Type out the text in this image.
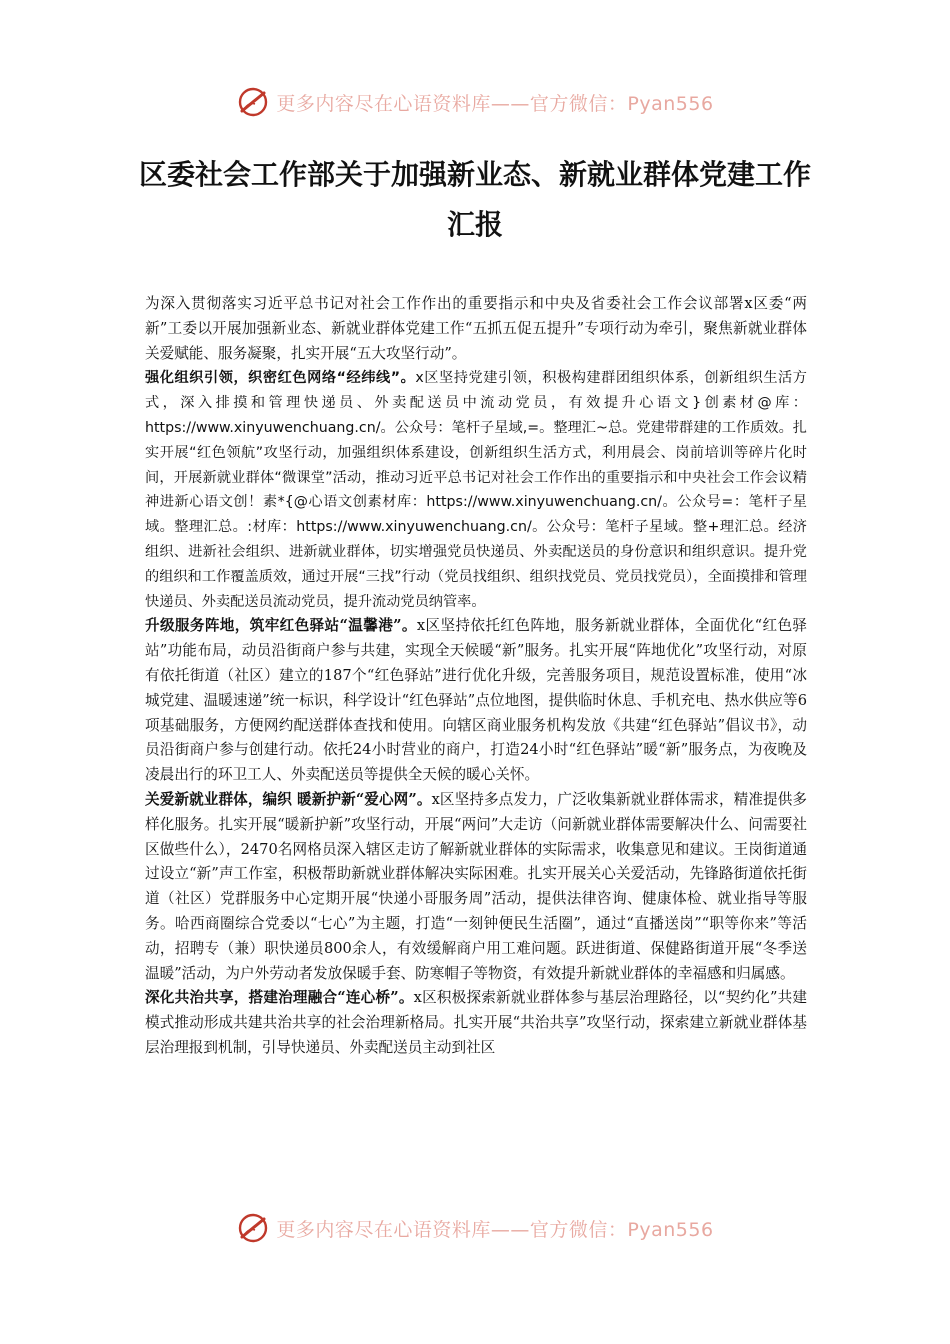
更多内容尽在心语资料库——官方微信：Pyan556
区委社会工作部关于加强新业态、新就业群体党建工作汇报

为深入贯彻落实习近平总书记对社会工作作出的重要指示和中央及省委社会工作会议部署x区委“两新”工委以开展加强新业态、新就业群体党建工作“五抓五促五提升”专项行动为牵引，聚焦新就业群体关爱赋能、服务凝聚，扎实开展“五大攻坚行动”。

强化组织引领，织密红色网络“经纬线”。x区坚持党建引领，积极构建群团组织体系，创新组织生活方式，深入排摸和管理快递员、外卖配送员中流动党员，有效提升心语文}创素材@库：https://www.xinyuwenchuang.cn/。公众号：笔杆子星域,=。整理汇~总。党建带群建的工作质效。扎实开展“红色领航”攻坚行动，加强组织体系建设，创新组织生活方式，利用晨会、岗前培训等碎片化时间，开展新就业群体“微课堂”活动，推动习近平总书记对社会工作作出的重要指示和中央社会工作会议精神进新心语文创！素*{@心语文创素材库：https://www.xinyuwenchuang.cn/。公众号=：笔杆子星域。整理汇总。:材库：https://www.xinyuwenchuang.cn/。公众号：笔杆子星域。整+理汇总。经济组织、进新社会组织、进新就业群体，切实增强党员快递员、外卖配送员的身份意识和组织意识。提升党的组织和工作覆盖质效，通过开展“三找”行动（党员找组织、组织找党员、党员找党员），全面摸排和管理快递员、外卖配送员流动党员，提升流动党员纳管率。

升级服务阵地，筑牢红色驿站“温馨港”。x区坚持依托红色阵地，服务新就业群体，全面优化“红色驿站”功能布局，动员沿街商户参与共建，实现全天候暖“新”服务。扎实开展“阵地优化”攻坚行动，对原有依托街道（社区）建立的187个“红色驿站”进行优化升级，完善服务项目，规范设置标准，使用“冰城党建、温暖速递”统一标识，科学设计“红色驿站”点位地图，提供临时休息、手机充电、热水供应等6项基础服务，方便网约配送群体查找和使用。向辖区商业服务机构发放《共建“红色驿站”倡议书》，动员沿街商户参与创建行动。依托24小时营业的商户，打造24小时“红色驿站”暖“新”服务点，为夜晚及凌晨出行的环卫工人、外卖配送员等提供全天候的暖心关怀。

关爱新就业群体，编织 暖新护新“爱心网”。x区坚持多点发力，广泛收集新就业群体需求，精准提供多样化服务。扎实开展“暖新护新”攻坚行动，开展“两问”大走访（问新就业群体需要解决什么、问需要社区做些什么），2470名网格员深入辖区走访了解新就业群体的实际需求，收集意见和建议。王岗街道通过设立“新”声工作室，积极帮助新就业群体解决实际困难。扎实开展关心关爱活动，先锋路街道依托街道（社区）党群服务中心定期开展“快递小哥服务周”活动，提供法律咨询、健康体检、就业指导等服务。哈西商圈综合党委以“七心”为主题，打造“一刻钟便民生活圈”，通过“直播送岗”“职等你来”等活动，招聘专（兼）职快递员800余人，有效缓解商户用工难问题。跃进街道、保健路街道开展“冬季送温暖”活动，为户外劳动者发放保暖手套、防寒帽子等物资，有效提升新就业群体的幸福感和归属感。

深化共治共享，搭建治理融合“连心桥”。x区积极探索新就业群体参与基层治理路径，以“契约化”共建模式推动形成共建共治共享的社会治理新格局。扎实开展“共治共享”攻坚行动，探索建立新就业群体基层治理报到机制，引导快递员、外卖配送员主动到社区

更多内容尽在心语资料库——官方微信：Pyan556
